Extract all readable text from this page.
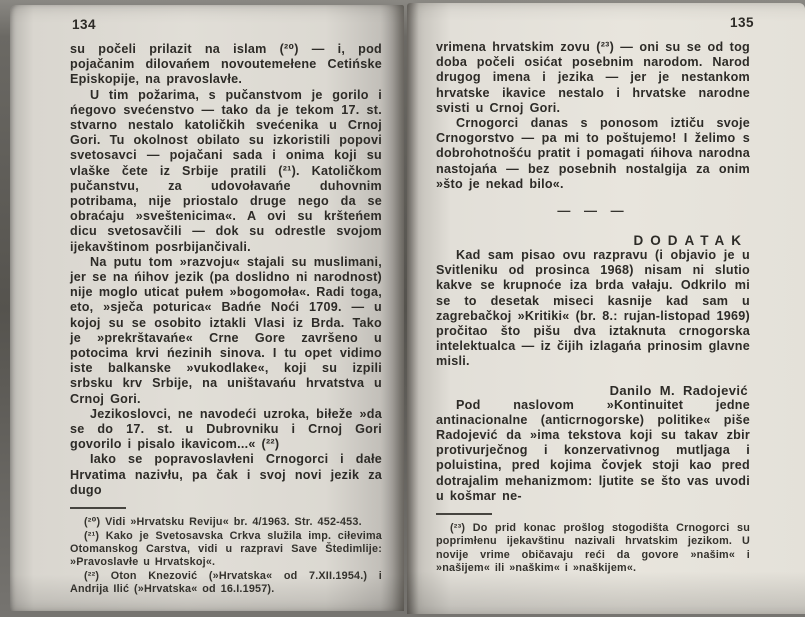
134

su počeli prilazit na islam (²⁰) — i, pod pojačanim dilovańem novoutemełene Cetińske Episkopije, na pravoslavłe.

U tim požarima, s pučanstvom je gorilo i ńegovo svećenstvo — tako da je tekom 17. st. stvarno nestalo katoličkih svećenika u Crnoj Gori. Tu okolnost obilato su izkoristili popovi svetosavci — pojačani sada i onima koji su vlaške čete iz Srbije pratili (²¹). Katoličkom pučanstvu, za udovołavańe duhovnim potribama, nije priostalo druge nego da se obraćaju »sveštenicima«. A ovi su kršteńem dicu svetosavčili — dok su odrestle svojom ijekavštinom posrbijančivali.

Na putu tom »razvoju« stajali su muslimani, jer se na ńihov jezik (pa doslidno ni narodnost) nije moglo uticat pułem »bogomoła«. Radi toga, eto, »sječa poturica« Badńe Noći 1709. — u kojoj su se osobito iztakli Vlasi iz Brda. Tako je »prekrštavańe« Crne Gore završeno u potocima krvi ńezinih sinova. I tu opet vidimo iste balkanske »vukodlake«, koji su izpili srbsku krv Srbije, na uništavańu hrvatstva u Crnoj Gori.

Jezikoslovci, ne navodeći uzroka, biłeže »da se do 17. st. u Dubrovniku i Crnoj Gori govorilo i pisalo ikavicom...« (²²)

Iako se popravoslavłeni Crnogorci i dałe Hrvatima nazivłu, pa čak i svoj novi jezik za dugo

(²⁰) Vidi »Hrvatsku Reviju« br. 4/1963. Str. 452-453.

(²¹) Kako je Svetosavska Crkva služila imp. ciłevima Otomanskog Carstva, vidi u razpravi Save Štedimlije: »Pravoslavłe u Hrvatskoj«.

(²²) Oton Knezović (»Hrvatska« od 7.XII.1954.) i Andrija Ilić (»Hrvatska« od 16.I.1957).

135

vrimena hrvatskim zovu (²³) — oni su se od tog doba počeli osićat posebnim narodom. Narod drugog imena i jezika — jer je nestankom hrvatske ikavice nestalo i hrvatske narodne svisti u Crnoj Gori.

Crnogorci danas s ponosom iztiču svoje Crnogorstvo — pa mi to poštujemo! I želimo s dobrohotnošću pratit i pomagati ńihova narodna nastojańa — bez posebnih nostalgija za onim »što je nekad bilo«.

— — —
DODATAK

Kad sam pisao ovu razpravu (i objavio je u Svitleniku od prosinca 1968) nisam ni slutio kakve se krupnoće iza brda vałaju. Odkrilo mi se to desetak miseci kasnije kad sam u zagrebačkoj »Kritiki« (br. 8.: rujan-listopad 1969) pročitao što pišu dva iztaknuta crnogorska intelektualca — iz čijih izlagańa prinosim glavne misli.

Danilo M. Radojević

Pod naslovom »Kontinuitet jedne antinacionalne (anticrnogorske) politike« piše Radojević da »ima tekstova koji su takav zbir protivurječnog i konzervativnog mutljaga i poluistina, pred kojima čovjek stoji kao pred dotrajalim mehanizmom: ljutite se što vas uvodi u košmar ne-

(²³) Do prid konac prošlog stogodišta Crnogorci su poprimłenu ijekavštinu nazivali hrvatskim jezikom. U novije vrime običavaju reći da govore »našim« i »našijem« ili »naškim« i »naškijem«.
